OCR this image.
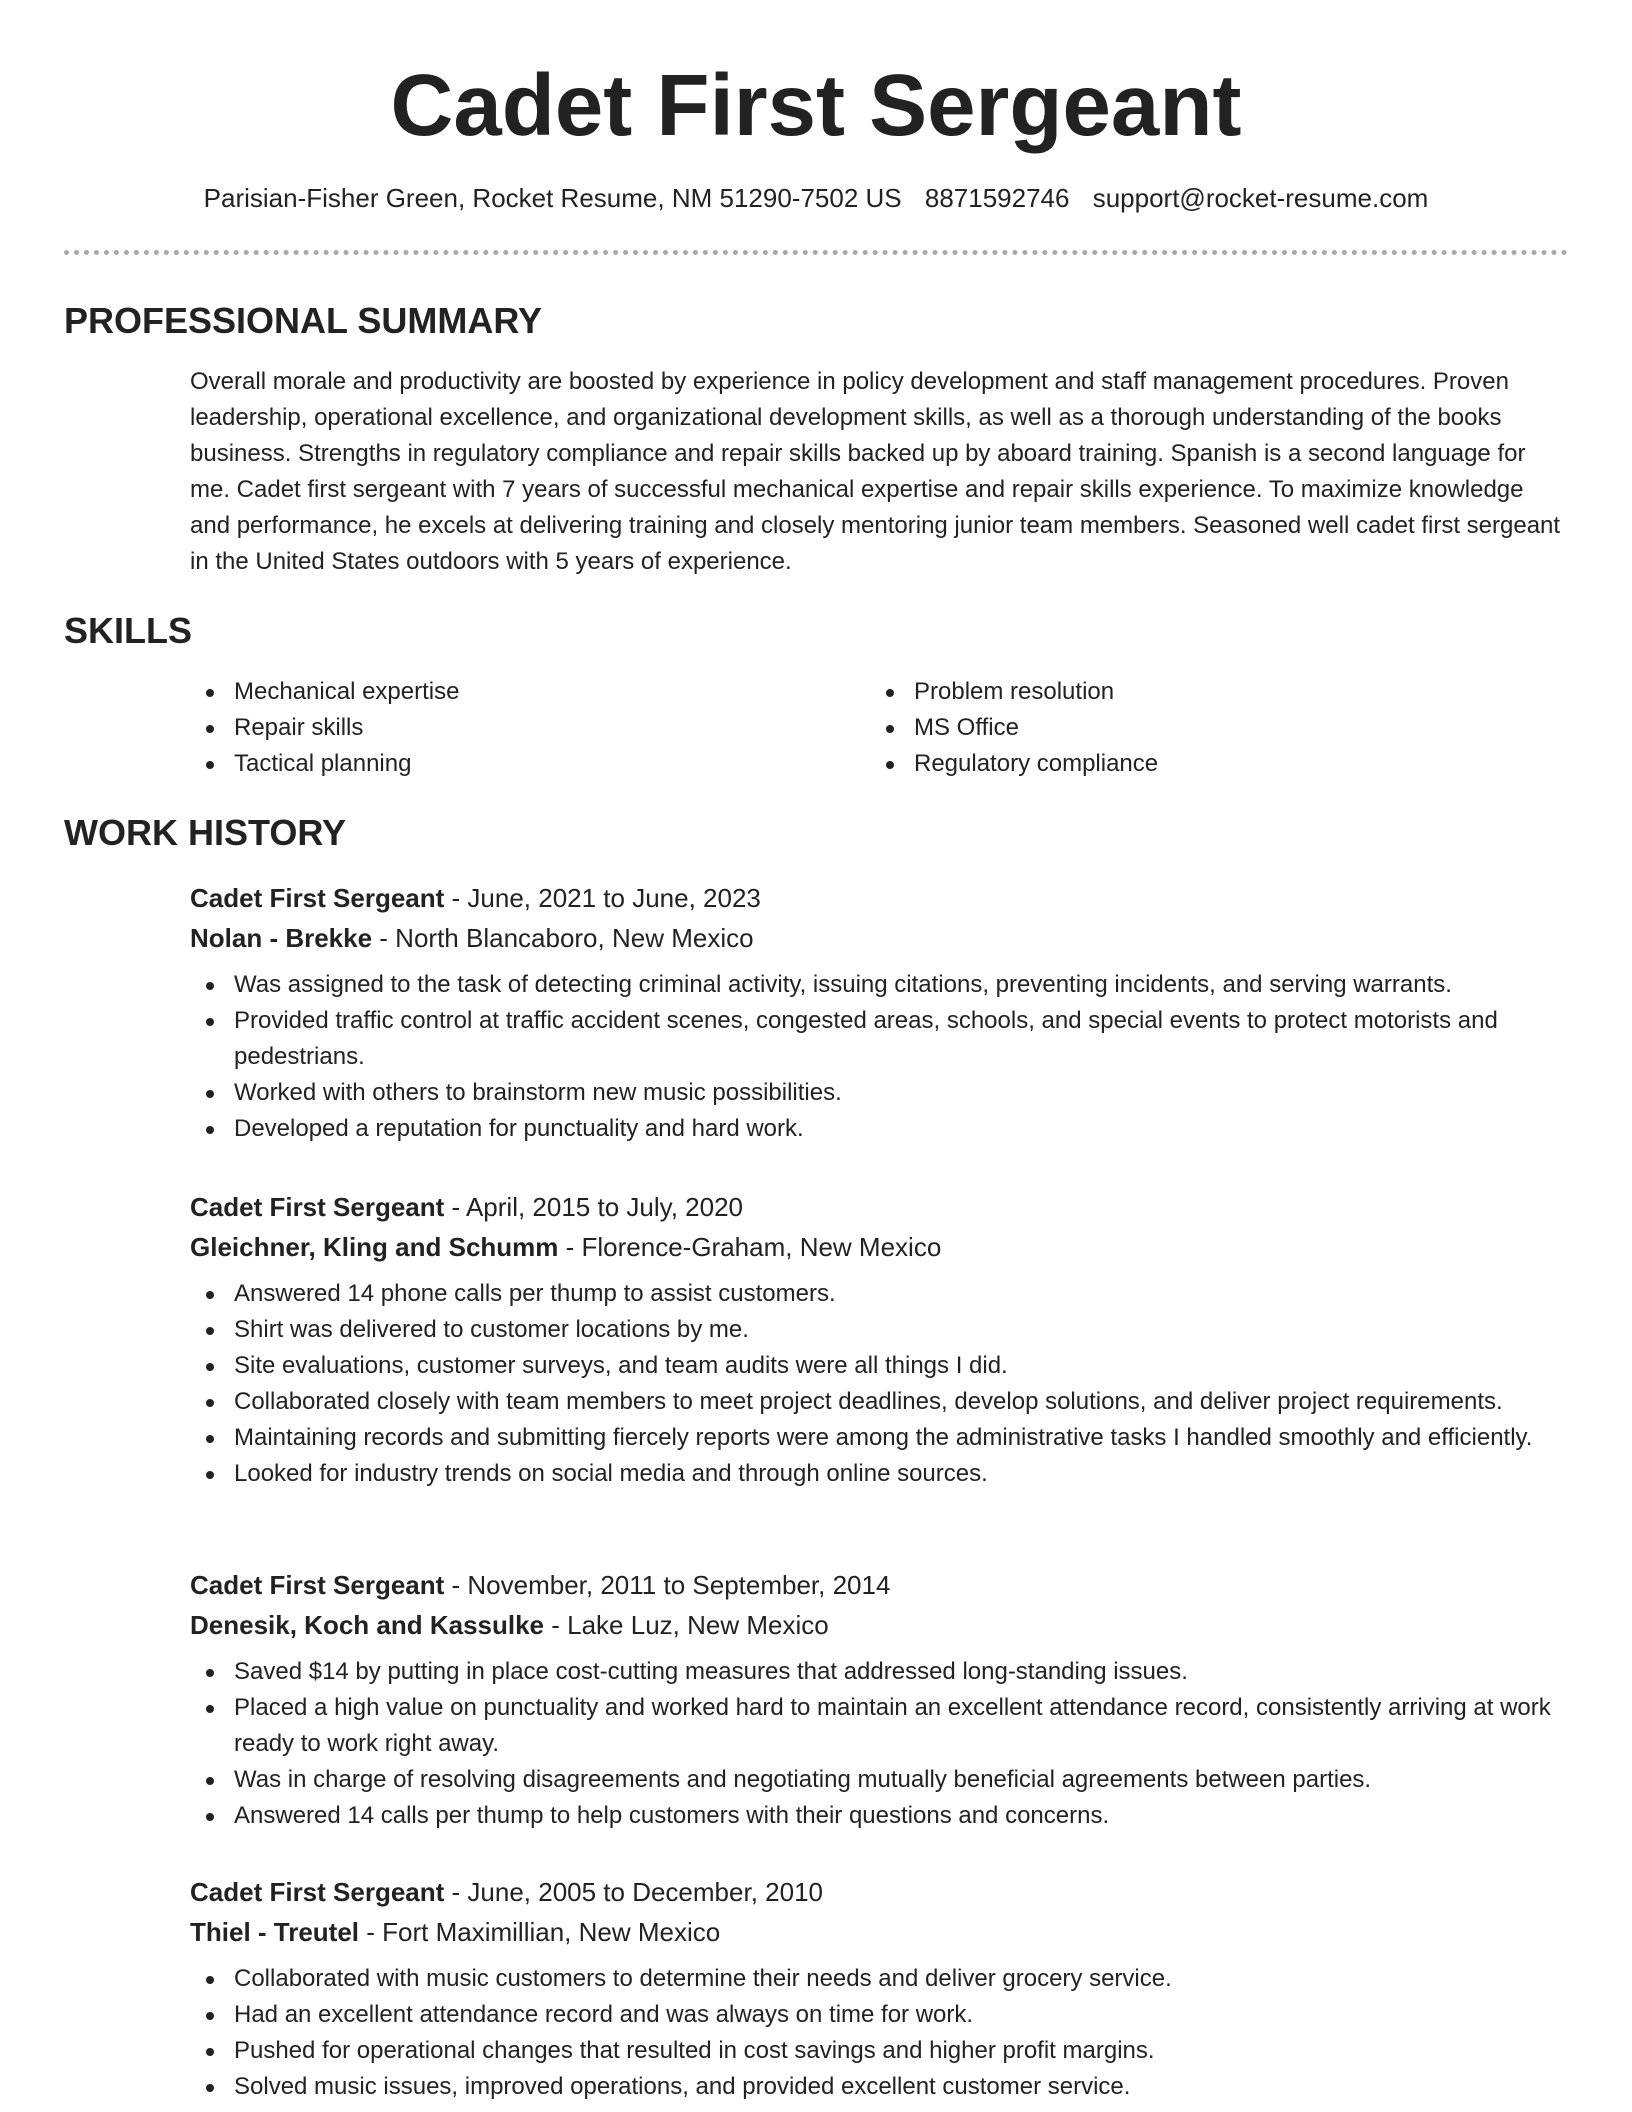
Cadet First Sergeant
Parisian-Fisher Green, Rocket Resume, NM 51290-7502 US 8871592746 support@rocket-resume.com
PROFESSIONAL SUMMARY

Overall morale and productivity are boosted by experience in policy development and staff management procedures. Proven leadership, operational excellence, and organizational development skills, as well as a thorough understanding of the books business. Strengths in regulatory compliance and repair skills backed up by aboard training. Spanish is a second language for me. Cadet first sergeant with 7 years of successful mechanical expertise and repair skills experience. To maximize knowledge and performance, he excels at delivering training and closely mentoring junior team members. Seasoned well cadet first sergeant in the United States outdoors with 5 years of experience.

SKILLS
Mechanical expertise
Repair skills
Tactical planning
Problem resolution
MS Office
Regulatory compliance
WORK HISTORY
Cadet First Sergeant - June, 2021 to June, 2023
Nolan - Brekke - North Blancaboro, New Mexico
Was assigned to the task of detecting criminal activity, issuing citations, preventing incidents, and serving warrants.
Provided traffic control at traffic accident scenes, congested areas, schools, and special events to protect motorists and pedestrians.
Worked with others to brainstorm new music possibilities.
Developed a reputation for punctuality and hard work.
Cadet First Sergeant - April, 2015 to July, 2020
Gleichner, Kling and Schumm - Florence-Graham, New Mexico
Answered 14 phone calls per thump to assist customers.
Shirt was delivered to customer locations by me.
Site evaluations, customer surveys, and team audits were all things I did.
Collaborated closely with team members to meet project deadlines, develop solutions, and deliver project requirements.
Maintaining records and submitting fiercely reports were among the administrative tasks I handled smoothly and efficiently.
Looked for industry trends on social media and through online sources.
Cadet First Sergeant - November, 2011 to September, 2014
Denesik, Koch and Kassulke - Lake Luz, New Mexico
Saved $14 by putting in place cost-cutting measures that addressed long-standing issues.
Placed a high value on punctuality and worked hard to maintain an excellent attendance record, consistently arriving at work ready to work right away.
Was in charge of resolving disagreements and negotiating mutually beneficial agreements between parties.
Answered 14 calls per thump to help customers with their questions and concerns.
Cadet First Sergeant - June, 2005 to December, 2010
Thiel - Treutel - Fort Maximillian, New Mexico
Collaborated with music customers to determine their needs and deliver grocery service.
Had an excellent attendance record and was always on time for work.
Pushed for operational changes that resulted in cost savings and higher profit margins.
Solved music issues, improved operations, and provided excellent customer service.
